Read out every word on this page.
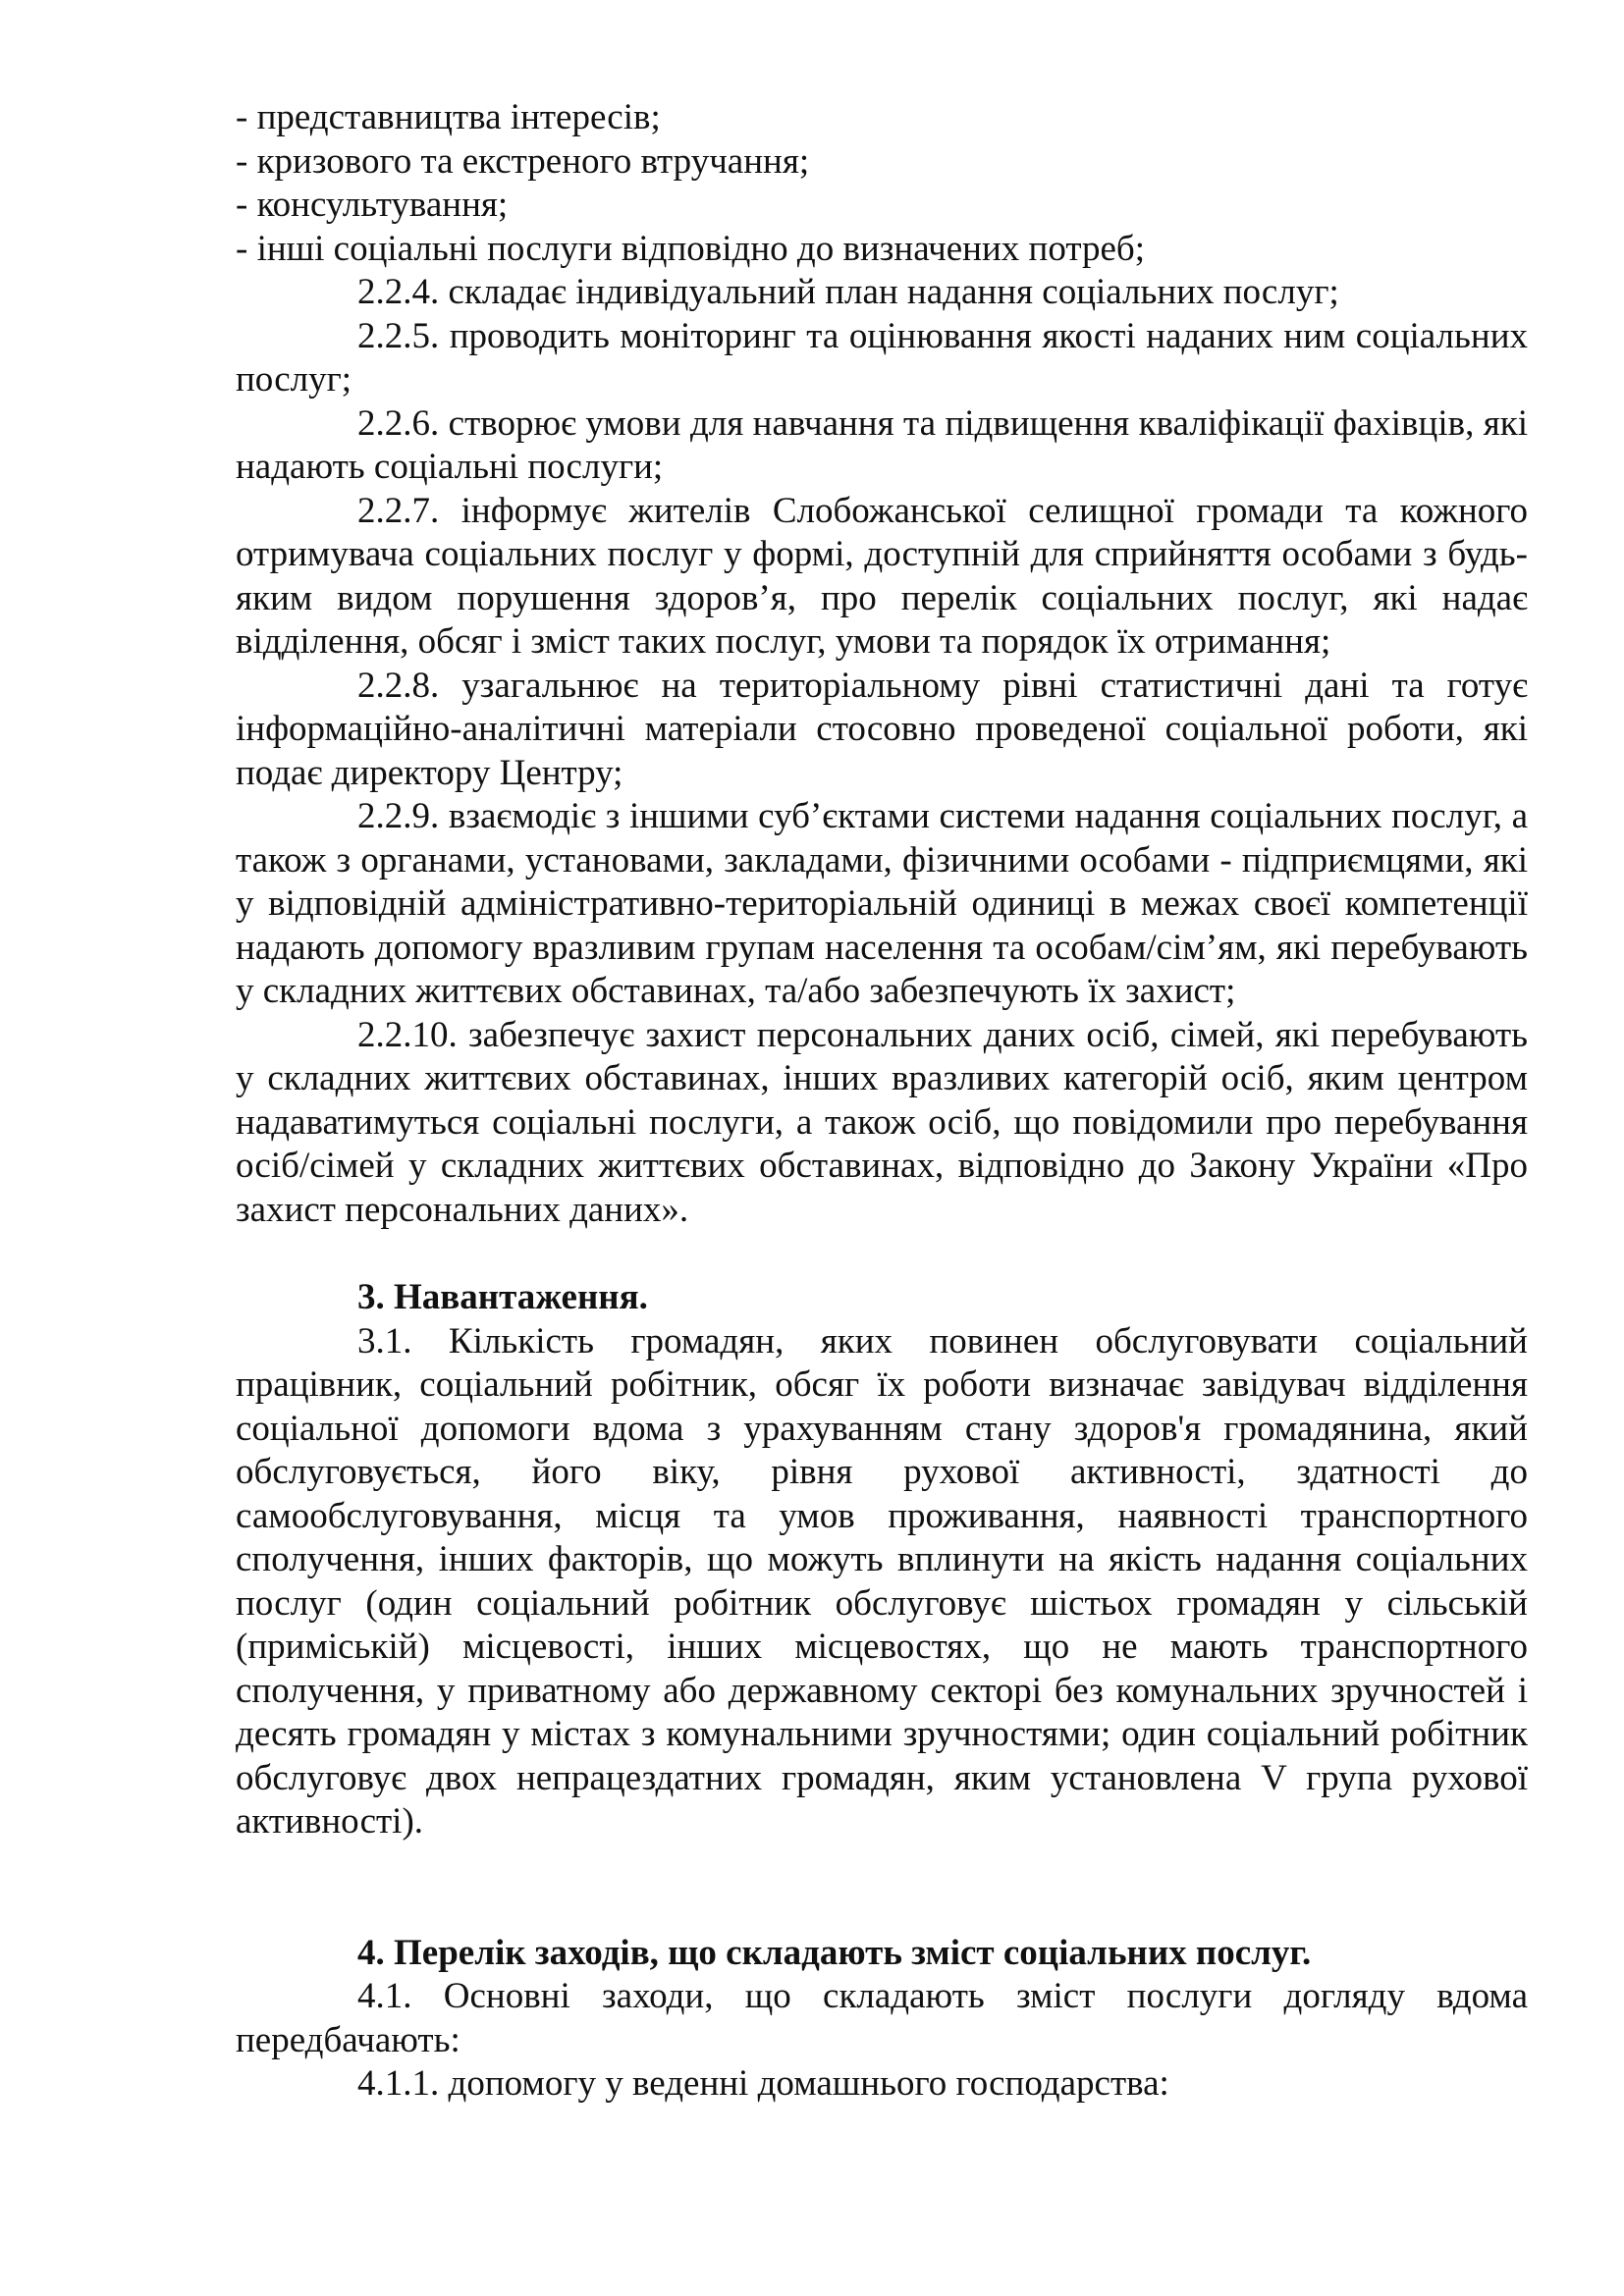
- представництва інтересів;

- кризового та екстреного втручання;

- консультування;

- інші соціальні послуги відповідно до визначених потреб;

2.2.4. складає індивідуальний план надання соціальних послуг;

2.2.5. проводить моніторинг та оцінювання якості наданих ним соціальних послуг;

2.2.6. створює умови для навчання та підвищення кваліфікації фахівців, які надають соціальні послуги;

2.2.7. інформує жителів Слобожанської селищної громади та кожного отримувача соціальних послуг у формі, доступній для сприйняття особами з будь-яким видом порушення здоров’я, про перелік соціальних послуг, які надає відділення, обсяг і зміст таких послуг, умови та порядок їх отримання;

2.2.8. узагальнює на територіальному рівні статистичні дані та готує інформаційно-аналітичні матеріали стосовно проведеної соціальної роботи, які подає директору Центру;

2.2.9. взаємодіє з іншими суб’єктами системи надання соціальних послуг, а також з органами, установами, закладами, фізичними особами - підприємцями, які у відповідній адміністративно-територіальній одиниці в межах своєї компетенції надають допомогу вразливим групам населення та особам/сім’ям, які перебувають у складних життєвих обставинах, та/або забезпечують їх захист;

2.2.10. забезпечує захист персональних даних осіб, сімей, які перебувають у складних життєвих обставинах, інших вразливих категорій осіб, яким центром надаватимуться соціальні послуги, а також осіб, що повідомили про перебування осіб/сімей у складних життєвих обставинах, відповідно до Закону України «Про захист персональних даних».

3. Навантаження.

3.1. Кількість громадян, яких повинен обслуговувати соціальний працівник, соціальний робітник, обсяг їх роботи визначає завідувач відділення соціальної допомоги вдома з урахуванням стану здоров'я громадянина, який обслуговується, його віку, рівня рухової активності, здатності до самообслуговування, місця та умов проживання, наявності транспортного сполучення, інших факторів, що можуть вплинути на якість надання соціальних послуг (один соціальний робітник обслуговує шістьох громадян у сільській (приміській) місцевості, інших місцевостях, що не мають транспортного сполучення, у приватному або державному секторі без комунальних зручностей і десять громадян у містах з комунальними зручностями; один соціальний робітник обслуговує двох непрацездатних громадян, яким установлена V група рухової активності).

4. Перелік заходів, що складають зміст соціальних послуг.

4.1. Основні заходи, що складають зміст послуги догляду вдома передбачають:

4.1.1. допомогу у веденні домашнього господарства:
